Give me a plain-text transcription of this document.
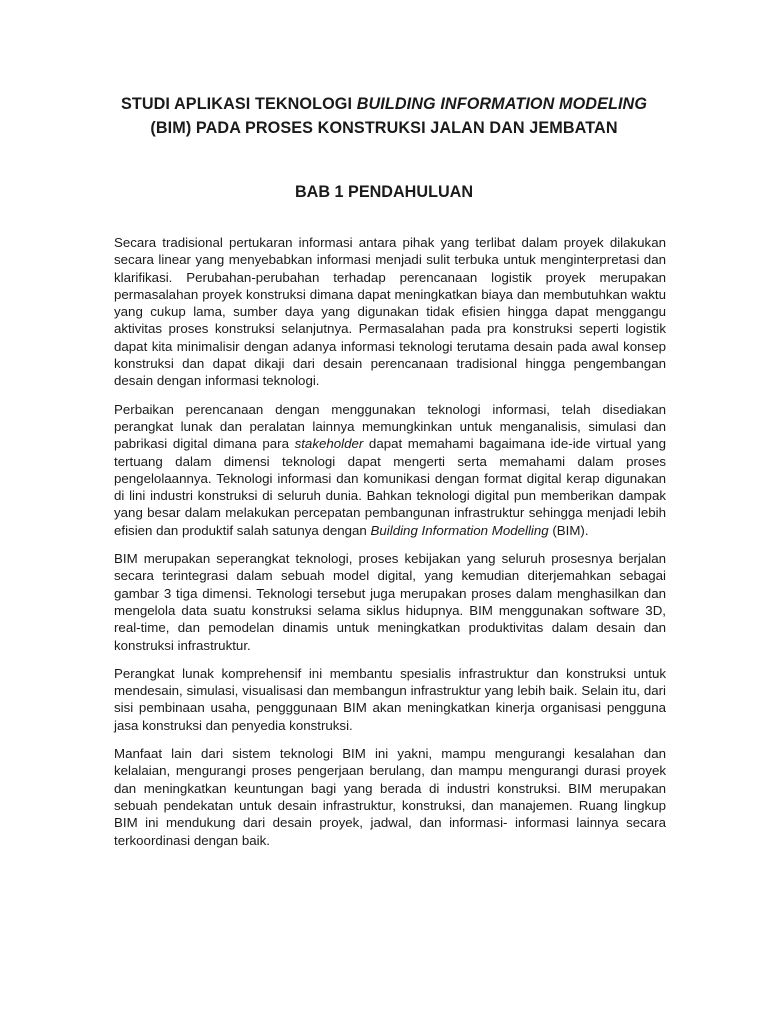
STUDI APLIKASI TEKNOLOGI BUILDING INFORMATION MODELING
(BIM) PADA PROSES KONSTRUKSI JALAN DAN JEMBATAN
BAB 1 PENDAHULUAN

Secara tradisional pertukaran informasi antara pihak yang terlibat dalam proyek dilakukan secara linear yang menyebabkan informasi menjadi sulit terbuka untuk menginterpretasi dan klarifikasi. Perubahan-perubahan terhadap perencanaan logistik proyek merupakan permasalahan proyek konstruksi dimana dapat meningkatkan biaya dan membutuhkan waktu yang cukup lama, sumber daya yang digunakan tidak efisien hingga dapat menggangu aktivitas proses konstruksi selanjutnya. Permasalahan pada pra konstruksi seperti logistik dapat kita minimalisir dengan adanya informasi teknologi terutama desain pada awal konsep konstruksi dan dapat dikaji dari desain perencanaan tradisional hingga pengembangan desain dengan informasi teknologi.

Perbaikan perencanaan dengan menggunakan teknologi informasi, telah disediakan perangkat lunak dan peralatan lainnya memungkinkan untuk menganalisis, simulasi dan pabrikasi digital dimana para stakeholder dapat memahami bagaimana ide-ide virtual yang tertuang dalam dimensi teknologi dapat mengerti serta memahami dalam proses pengelolaannya. Teknologi informasi dan komunikasi dengan format digital kerap digunakan di lini industri konstruksi di seluruh dunia. Bahkan teknologi digital pun memberikan dampak yang besar dalam melakukan percepatan pembangunan infrastruktur sehingga menjadi lebih efisien dan produktif salah satunya dengan Building Information Modelling (BIM).

BIM merupakan seperangkat teknologi, proses kebijakan yang seluruh prosesnya berjalan secara terintegrasi dalam sebuah model digital, yang kemudian diterjemahkan sebagai gambar 3 tiga dimensi. Teknologi tersebut juga merupakan proses dalam menghasilkan dan mengelola data suatu konstruksi selama siklus hidupnya. BIM menggunakan software 3D, real-time, dan pemodelan dinamis untuk meningkatkan produktivitas dalam desain dan konstruksi infrastruktur.

Perangkat lunak komprehensif ini membantu spesialis infrastruktur dan konstruksi untuk mendesain, simulasi, visualisasi dan membangun infrastruktur yang lebih baik. Selain itu, dari sisi pembinaan usaha, pengggunaan BIM akan meningkatkan kinerja organisasi pengguna jasa konstruksi dan penyedia konstruksi.

Manfaat lain dari sistem teknologi BIM ini yakni, mampu mengurangi kesalahan dan kelalaian, mengurangi proses pengerjaan berulang, dan mampu mengurangi durasi proyek dan meningkatkan keuntungan bagi yang berada di industri konstruksi. BIM merupakan sebuah pendekatan untuk desain infrastruktur, konstruksi, dan manajemen. Ruang lingkup BIM ini mendukung dari desain proyek, jadwal, dan informasi- informasi lainnya secara terkoordinasi dengan baik.
